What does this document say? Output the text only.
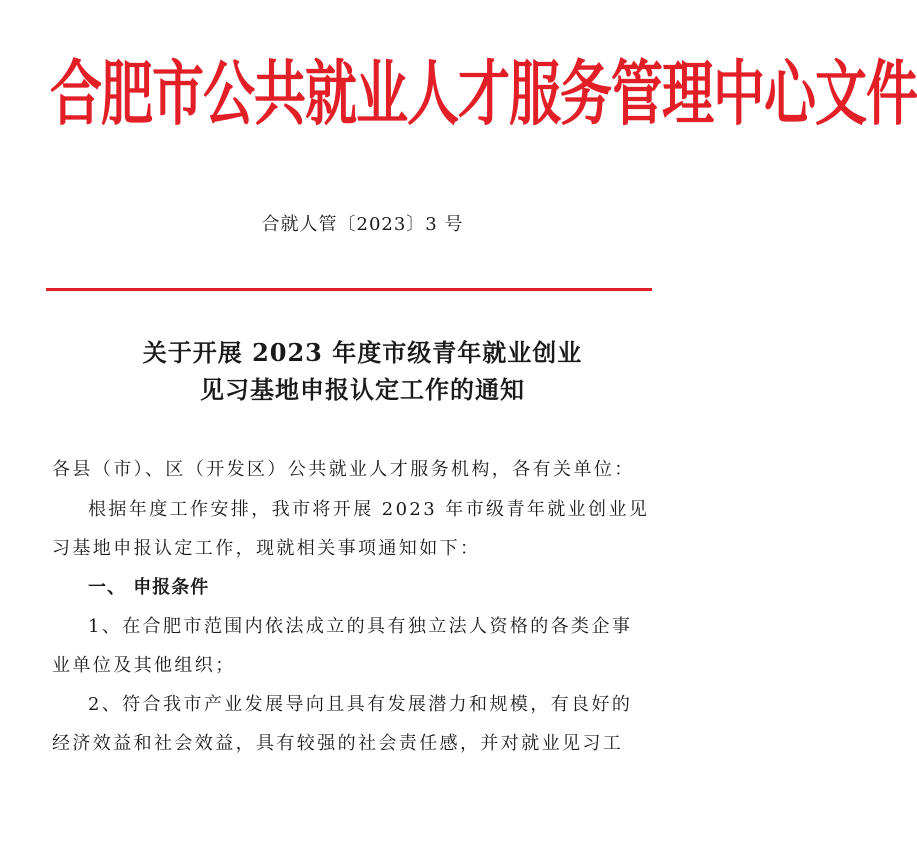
合肥市公共就业人才服务管理中心文件
合就人管〔2023〕3 号
关于开展 2023 年度市级青年就业创业
见习基地申报认定工作的通知
各县（市）、区（开发区）公共就业人才服务机构，各有关单位：
根据年度工作安排，我市将开展 2023 年市级青年就业创业见
习基地申报认定工作，现就相关事项通知如下：
一、 申报条件
1、在合肥市范围内依法成立的具有独立法人资格的各类企事
业单位及其他组织；
2、符合我市产业发展导向且具有发展潜力和规模，有良好的
经济效益和社会效益，具有较强的社会责任感，并对就业见习工
